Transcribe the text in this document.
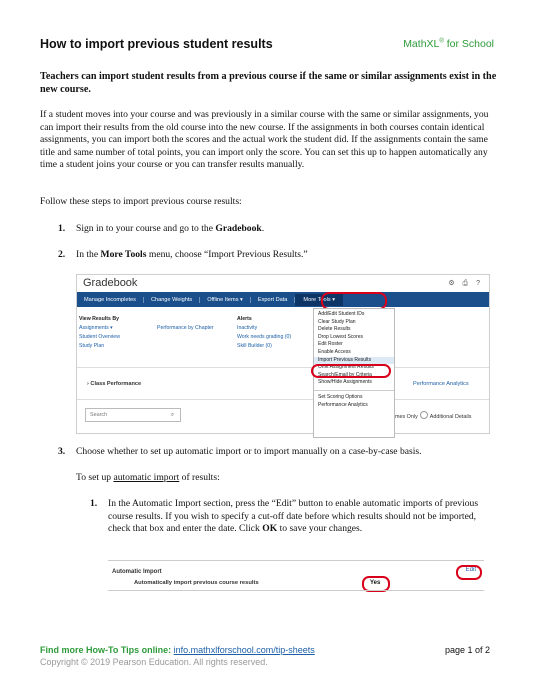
How to import previous student results	MathXL® for School
Teachers can import student results from a previous course if the same or similar assignments exist in the new course.
If a student moves into your course and was previously in a similar course with the same or similar assignments, you can import their results from the old course into the new course. If the assignments in both courses contain identical assignments, you can import both the scores and the actual work the student did. If the assignments contain the same title and same number of total points, you can import only the score. You can set this up to happen automatically any time a student joins your course or you can transfer results manually.
Follow these steps to import previous course results:
1. Sign in to your course and go to the Gradebook.
2. In the More Tools menu, choose “Import Previous Results.”
Gradebook	⚙ ⎙ ?
Manage Incompletes	Change Weights	Offline Items ▾	Export Data	More Tools ▾
View Results By
Assignments ▾
Student Overview
Study Plan
Performance by Chapter
Alerts
Inactivity
Work needs grading (0)
Skill Builder (0)
› Class Performance	Performance Analytics
Search	⌕	mes Only Additional Details
Add/Edit Student IDs
Clear Study Plan
Delete Results
Drop Lowest Scores
Edit Roster
Enable Access
Import Previous Results
Omit Assignment Results
Search/Email by Criteria
Show/Hide Assignments
Set Scoring Options
Performance Analytics
3. Choose whether to set up automatic import or to import manually on a case-by-case basis.
To set up automatic import of results:
1. In the Automatic Import section, press the “Edit” button to enable automatic imports of previous course results. If you wish to specify a cut-off date before which results should not be imported, check that box and enter the date. Click OK to save your changes.
Automatic Import	Edit
Automatically import previous course results	Yes
Find more How-To Tips online: info.mathxlforschool.com/tip-sheets
Copyright © 2019 Pearson Education. All rights reserved.
page 1 of 2
